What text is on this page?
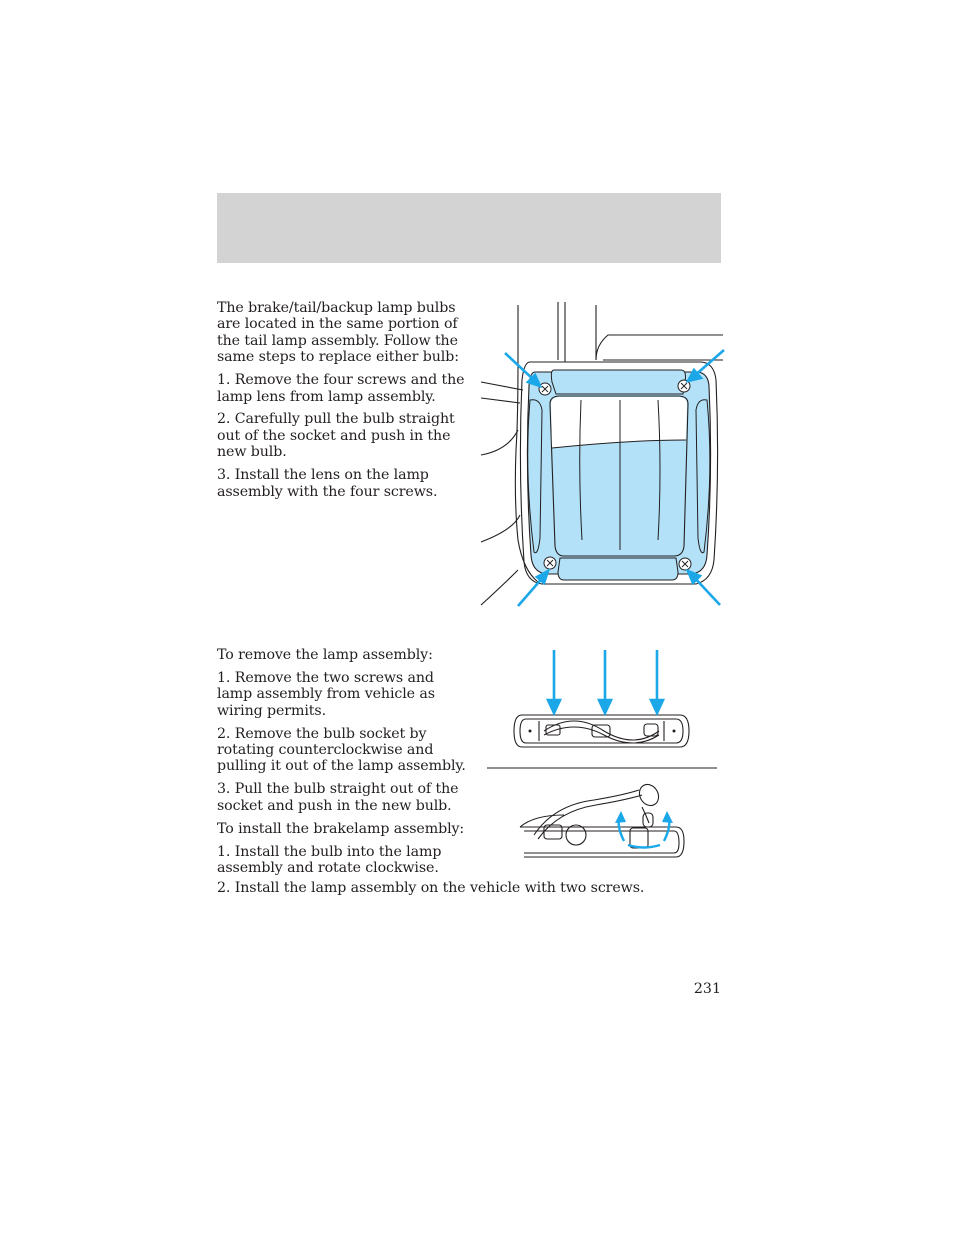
The brake/tail/backup lamp bulbs are located in the same portion of the tail lamp assembly. Follow the same steps to replace either bulb:

1. Remove the four screws and the lamp lens from lamp assembly.

2. Carefully pull the bulb straight out of the socket and push in the new bulb.

3. Install the lens on the lamp assembly with the four screws.

To remove the lamp assembly:

1. Remove the two screws and lamp assembly from vehicle as wiring permits.

2. Remove the bulb socket by rotating counterclockwise and pulling it out of the lamp assembly.

3. Pull the bulb straight out of the socket and push in the new bulb.

To install the brakelamp assembly:

1. Install the bulb into the lamp assembly and rotate clockwise.

2. Install the lamp assembly on the vehicle with two screws.
231
